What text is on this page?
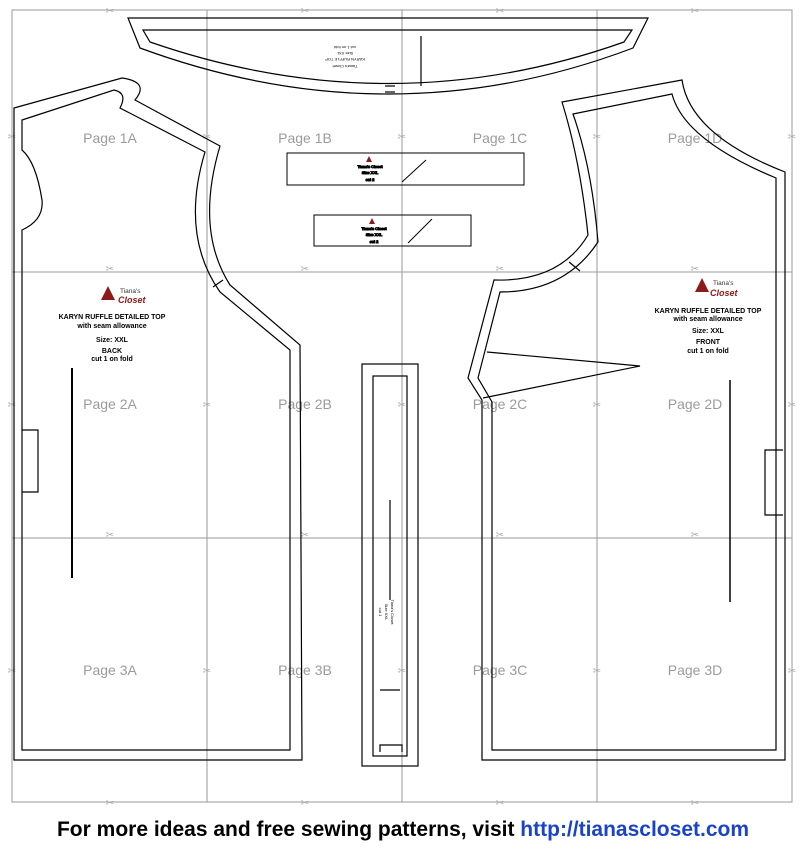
✂	✂	✂	✂
✂	✂	✂	✂
✂	✂	✂	✂
✂	✂	✂	✂
✂
✂
✂
✂
✂
✂
✂
✂
✂
✂
✂
✂
✂
✂
✂
Page 1A	Page 1B	Page 1C	Page 1D
Page 2A	Page 2B	Page 2C	Page 2D
Page 3A	Page 3B	Page 3C	Page 3D
Tiana's Closet
KARYN RUFFLE TOP
Size XXL
cut 1 on fold
Tiana's
Closet
KARYN RUFFLE DETAILED TOP
with seam allowance
Size: XXL
BACK
cut 1 on fold
Tiana's
Closet
KARYN RUFFLE DETAILED TOP
with seam allowance
Size: XXL
FRONT
cut 1 on fold
Tiana's Closet
Size XXL
cut 2
Tiana's Closet
Size XXL
cut 2
Tiana's Closet
Size XXL
cut 1
For more ideas and free sewing patterns, visit http://tianascloset.com
